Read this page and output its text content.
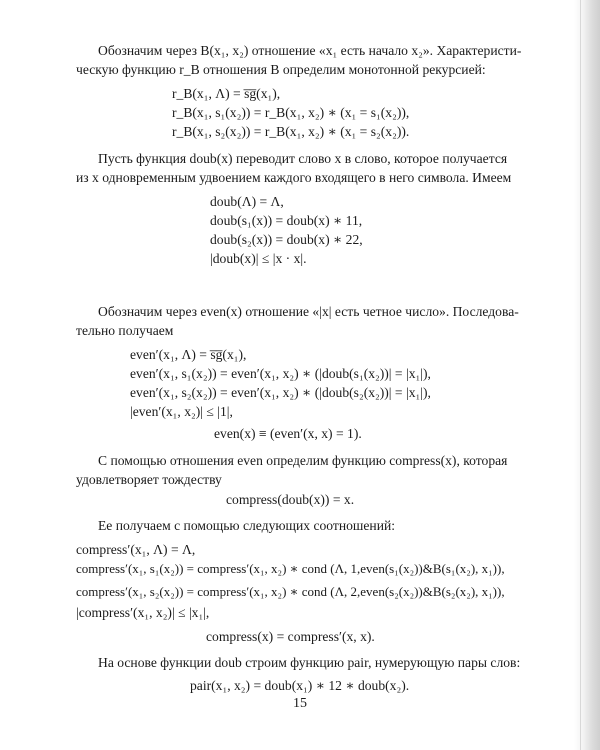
Обозначим через B(x₁, x₂) отношение «x₁ есть начало x₂». Характеристи-
ческую функцию r_B отношения B определим монотонной рекурсией:
r_B(x₁, Λ) = s̅g̅(x₁),
r_B(x₁, s₁(x₂)) = r_B(x₁, x₂) ∗ (x₁ = s₁(x₂)),
r_B(x₁, s₂(x₂)) = r_B(x₁, x₂) ∗ (x₁ = s₂(x₂)).
Пусть функция doub(x) переводит слово x в слово, которое получается
из x одновременным удвоением каждого входящего в него символа. Имеем
doub(Λ) = Λ,
doub(s₁(x)) = doub(x) ∗ 11,
doub(s₂(x)) = doub(x) ∗ 22,
|doub(x)| ≤ |x · x|.
Обозначим через even(x) отношение «|x| есть четное число». Последова-
тельно получаем
even′(x₁, Λ) = s̅g̅(x₁),
even′(x₁, s₁(x₂)) = even′(x₁, x₂) ∗ (|doub(s₁(x₂))| = |x₁|),
even′(x₁, s₂(x₂)) = even′(x₁, x₂) ∗ (|doub(s₂(x₂))| = |x₁|),
|even′(x₁, x₂)| ≤ |1|,
even(x) ≡ (even′(x, x) = 1).
С помощью отношения even определим функцию compress(x), которая
удовлетворяет тождеству
compress(doub(x)) = x.
Ее получаем с помощью следующих соотношений:
compress′(x₁, Λ) = Λ,
compress′(x₁, s₁(x₂)) = compress′(x₁, x₂) ∗ cond (Λ, 1,even(s₁(x₂))&B(s₁(x₂), x₁)),
compress′(x₁, s₂(x₂)) = compress′(x₁, x₂) ∗ cond (Λ, 2,even(s₂(x₂))&B(s₂(x₂), x₁)),
|compress′(x₁, x₂)| ≤ |x₁|,
compress(x) = compress′(x, x).
На основе функции doub строим функцию pair, нумерующую пары слов:
pair(x₁, x₂) = doub(x₁) ∗ 12 ∗ doub(x₂).
15
